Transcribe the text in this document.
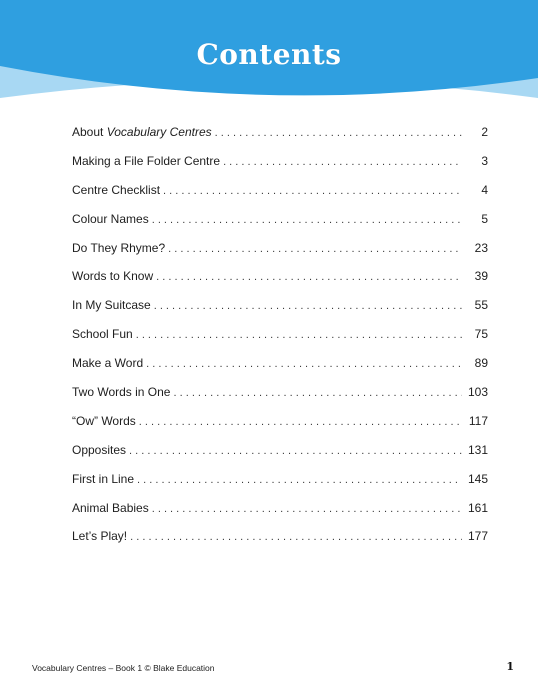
Contents
About Vocabulary Centres . . .	2
Making a File Folder Centre . . .	3
Centre Checklist . . .	4
Colour Names . . .	5
Do They Rhyme? . . .	23
Words to Know . . .	39
In My Suitcase . . .	55
School Fun . . .	75
Make a Word . . .	89
Two Words in One . . .	103
“Ow” Words . . .	117
Opposites . . .	131
First in Line . . .	145
Animal Babies . . .	161
Let’s Play! . . .	177
Vocabulary Centres – Book 1 © Blake Education	1
